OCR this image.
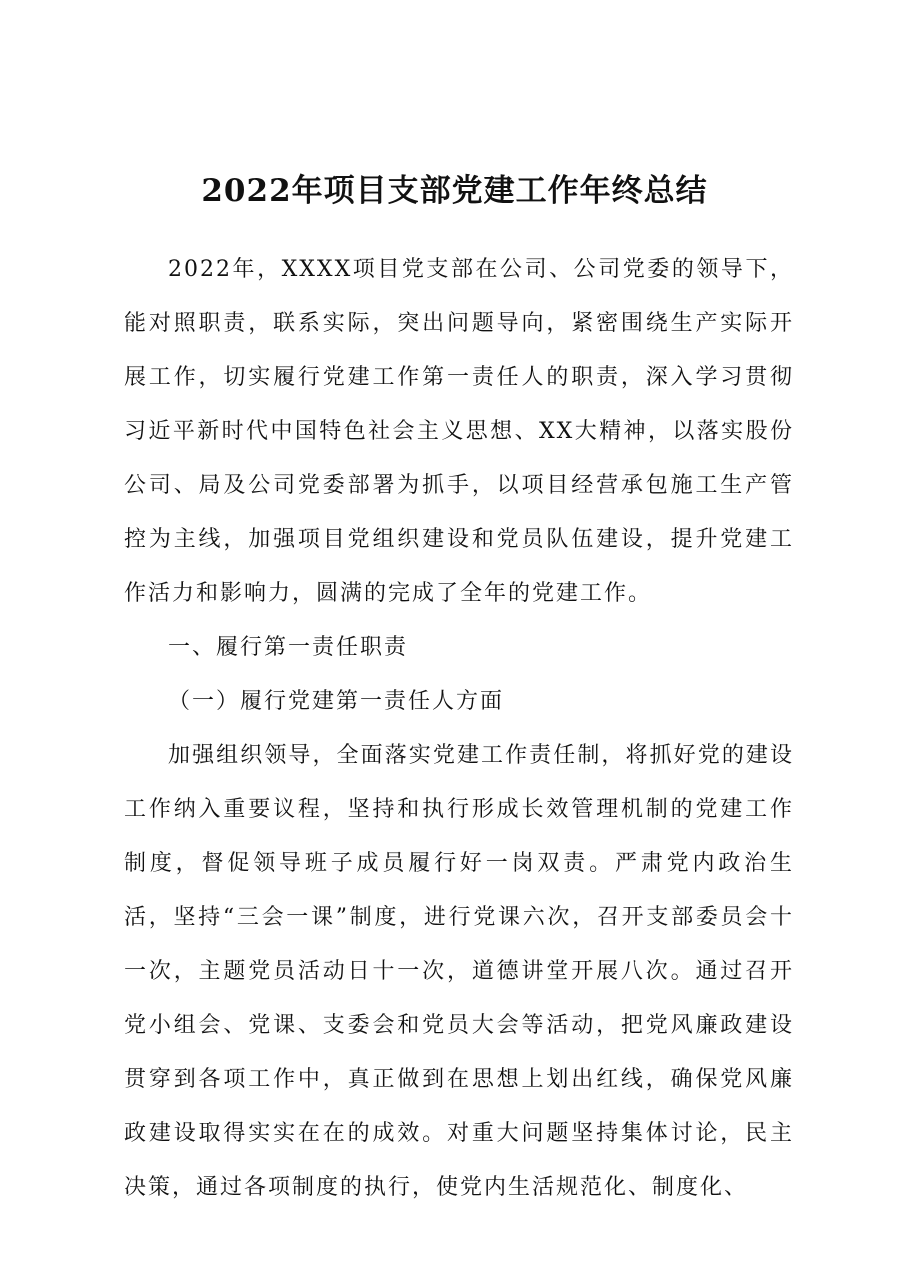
2022年项目支部党建工作年终总结

2022年，XXXX项目党支部在公司、公司党委的领导下，能对照职责，联系实际，突出问题导向，紧密围绕生产实际开展工作，切实履行党建工作第一责任人的职责，深入学习贯彻习近平新时代中国特色社会主义思想、XX大精神，以落实股份公司、局及公司党委部署为抓手，以项目经营承包施工生产管控为主线，加强项目党组织建设和党员队伍建设，提升党建工作活力和影响力，圆满的完成了全年的党建工作。

一、履行第一责任职责

（一）履行党建第一责任人方面

加强组织领导，全面落实党建工作责任制，将抓好党的建设工作纳入重要议程，坚持和执行形成长效管理机制的党建工作制度，督促领导班子成员履行好一岗双责。严肃党内政治生活，坚持“三会一课”制度，进行党课六次，召开支部委员会十一次，主题党员活动日十一次，道德讲堂开展八次。通过召开党小组会、党课、支委会和党员大会等活动，把党风廉政建设贯穿到各项工作中，真正做到在思想上划出红线，确保党风廉政建设取得实实在在的成效。对重大问题坚持集体讨论，民主决策，通过各项制度的执行，使党内生活规范化、制度化、
